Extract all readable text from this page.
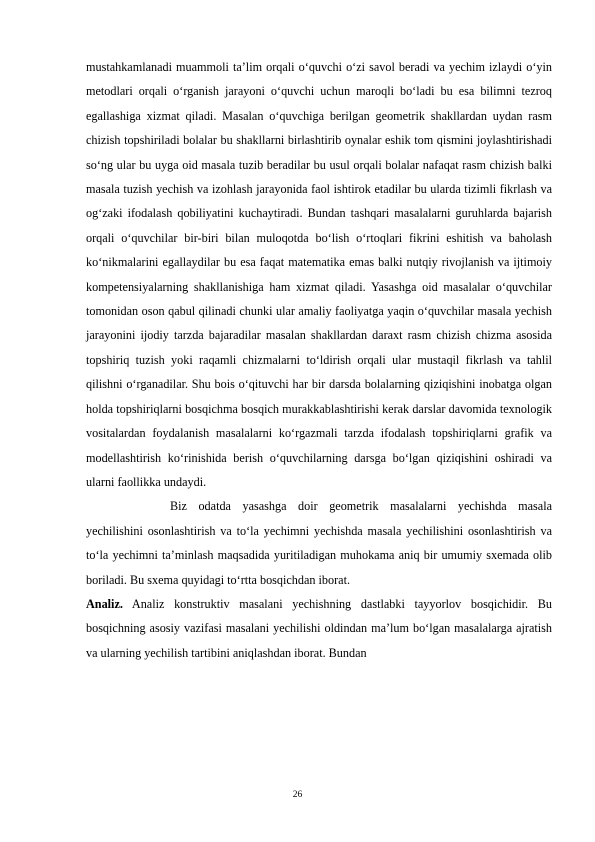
mustahkamlanadi muammoli ta’lim orqali o‘quvchi o‘zi savol beradi va yechim izlaydi o‘yin metodlari orqali o‘rganish jarayoni o‘quvchi uchun maroqli bo‘ladi bu esa bilimni tezroq egallashiga xizmat qiladi. Masalan o‘quvchiga berilgan geometrik shakllardan uydan rasm chizish topshiriladi bolalar bu shakllarni birlashtirib oynalar eshik tom qismini joylashtirishadi so‘ng ular bu uyga oid masala tuzib beradilar bu usul orqali bolalar nafaqat rasm chizish balki masala tuzish yechish va izohlash jarayonida faol ishtirok etadilar bu ularda tizimli fikrlash va og‘zaki ifodalash qobiliyatini kuchaytiradi. Bundan tashqari masalalarni guruhlarda bajarish orqali o‘quvchilar bir-biri bilan muloqotda bo‘lish o‘rtoqlari fikrini eshitish va baholash ko‘nikmalarini egallaydilar bu esa faqat matematika emas balki nutqiy rivojlanish va ijtimoiy kompetensiyalarning shakllanishiga ham xizmat qiladi. Yasashga oid masalalar o‘quvchilar tomonidan oson qabul qilinadi chunki ular amaliy faoliyatga yaqin o‘quvchilar masala yechish jarayonini ijodiy tarzda bajaradilar masalan shakllardan daraxt rasm chizish chizma asosida topshiriq tuzish yoki raqamli chizmalarni to‘ldirish orqali ular mustaqil fikrlash va tahlil qilishni o‘rganadilar. Shu bois o‘qituvchi har bir darsda bolalarning qiziqishini inobatga olgan holda topshiriqlarni bosqichma bosqich murakkablashtirishi kerak darslar davomida texnologik vositalardan foydalanish masalalarni ko‘rgazmali tarzda ifodalash topshiriqlarni grafik va modellashtirish ko‘rinishida berish o‘quvchilarning darsga bo‘lgan qiziqishini oshiradi va ularni faollikka undaydi.

Biz odatda yasashga doir geometrik masalalarni yechishda masala yechilishini osonlashtirish va to‘la yechimni yechishda masala yechilishini osonlashtirish va to‘la yechimni ta’minlash maqsadida yuritiladigan muhokama aniq bir umumiy sxemada olib boriladi. Bu sxema quyidagi to‘rtta bosqichdan iborat.

Analiz. Analiz konstruktiv masalani yechishning dastlabki tayyorlov bosqichidir. Bu bosqichning asosiy vazifasi masalani yechilishi oldindan ma’lum bo‘lgan masalalarga ajratish va ularning yechilish tartibini aniqlashdan iborat. Bundan

26
